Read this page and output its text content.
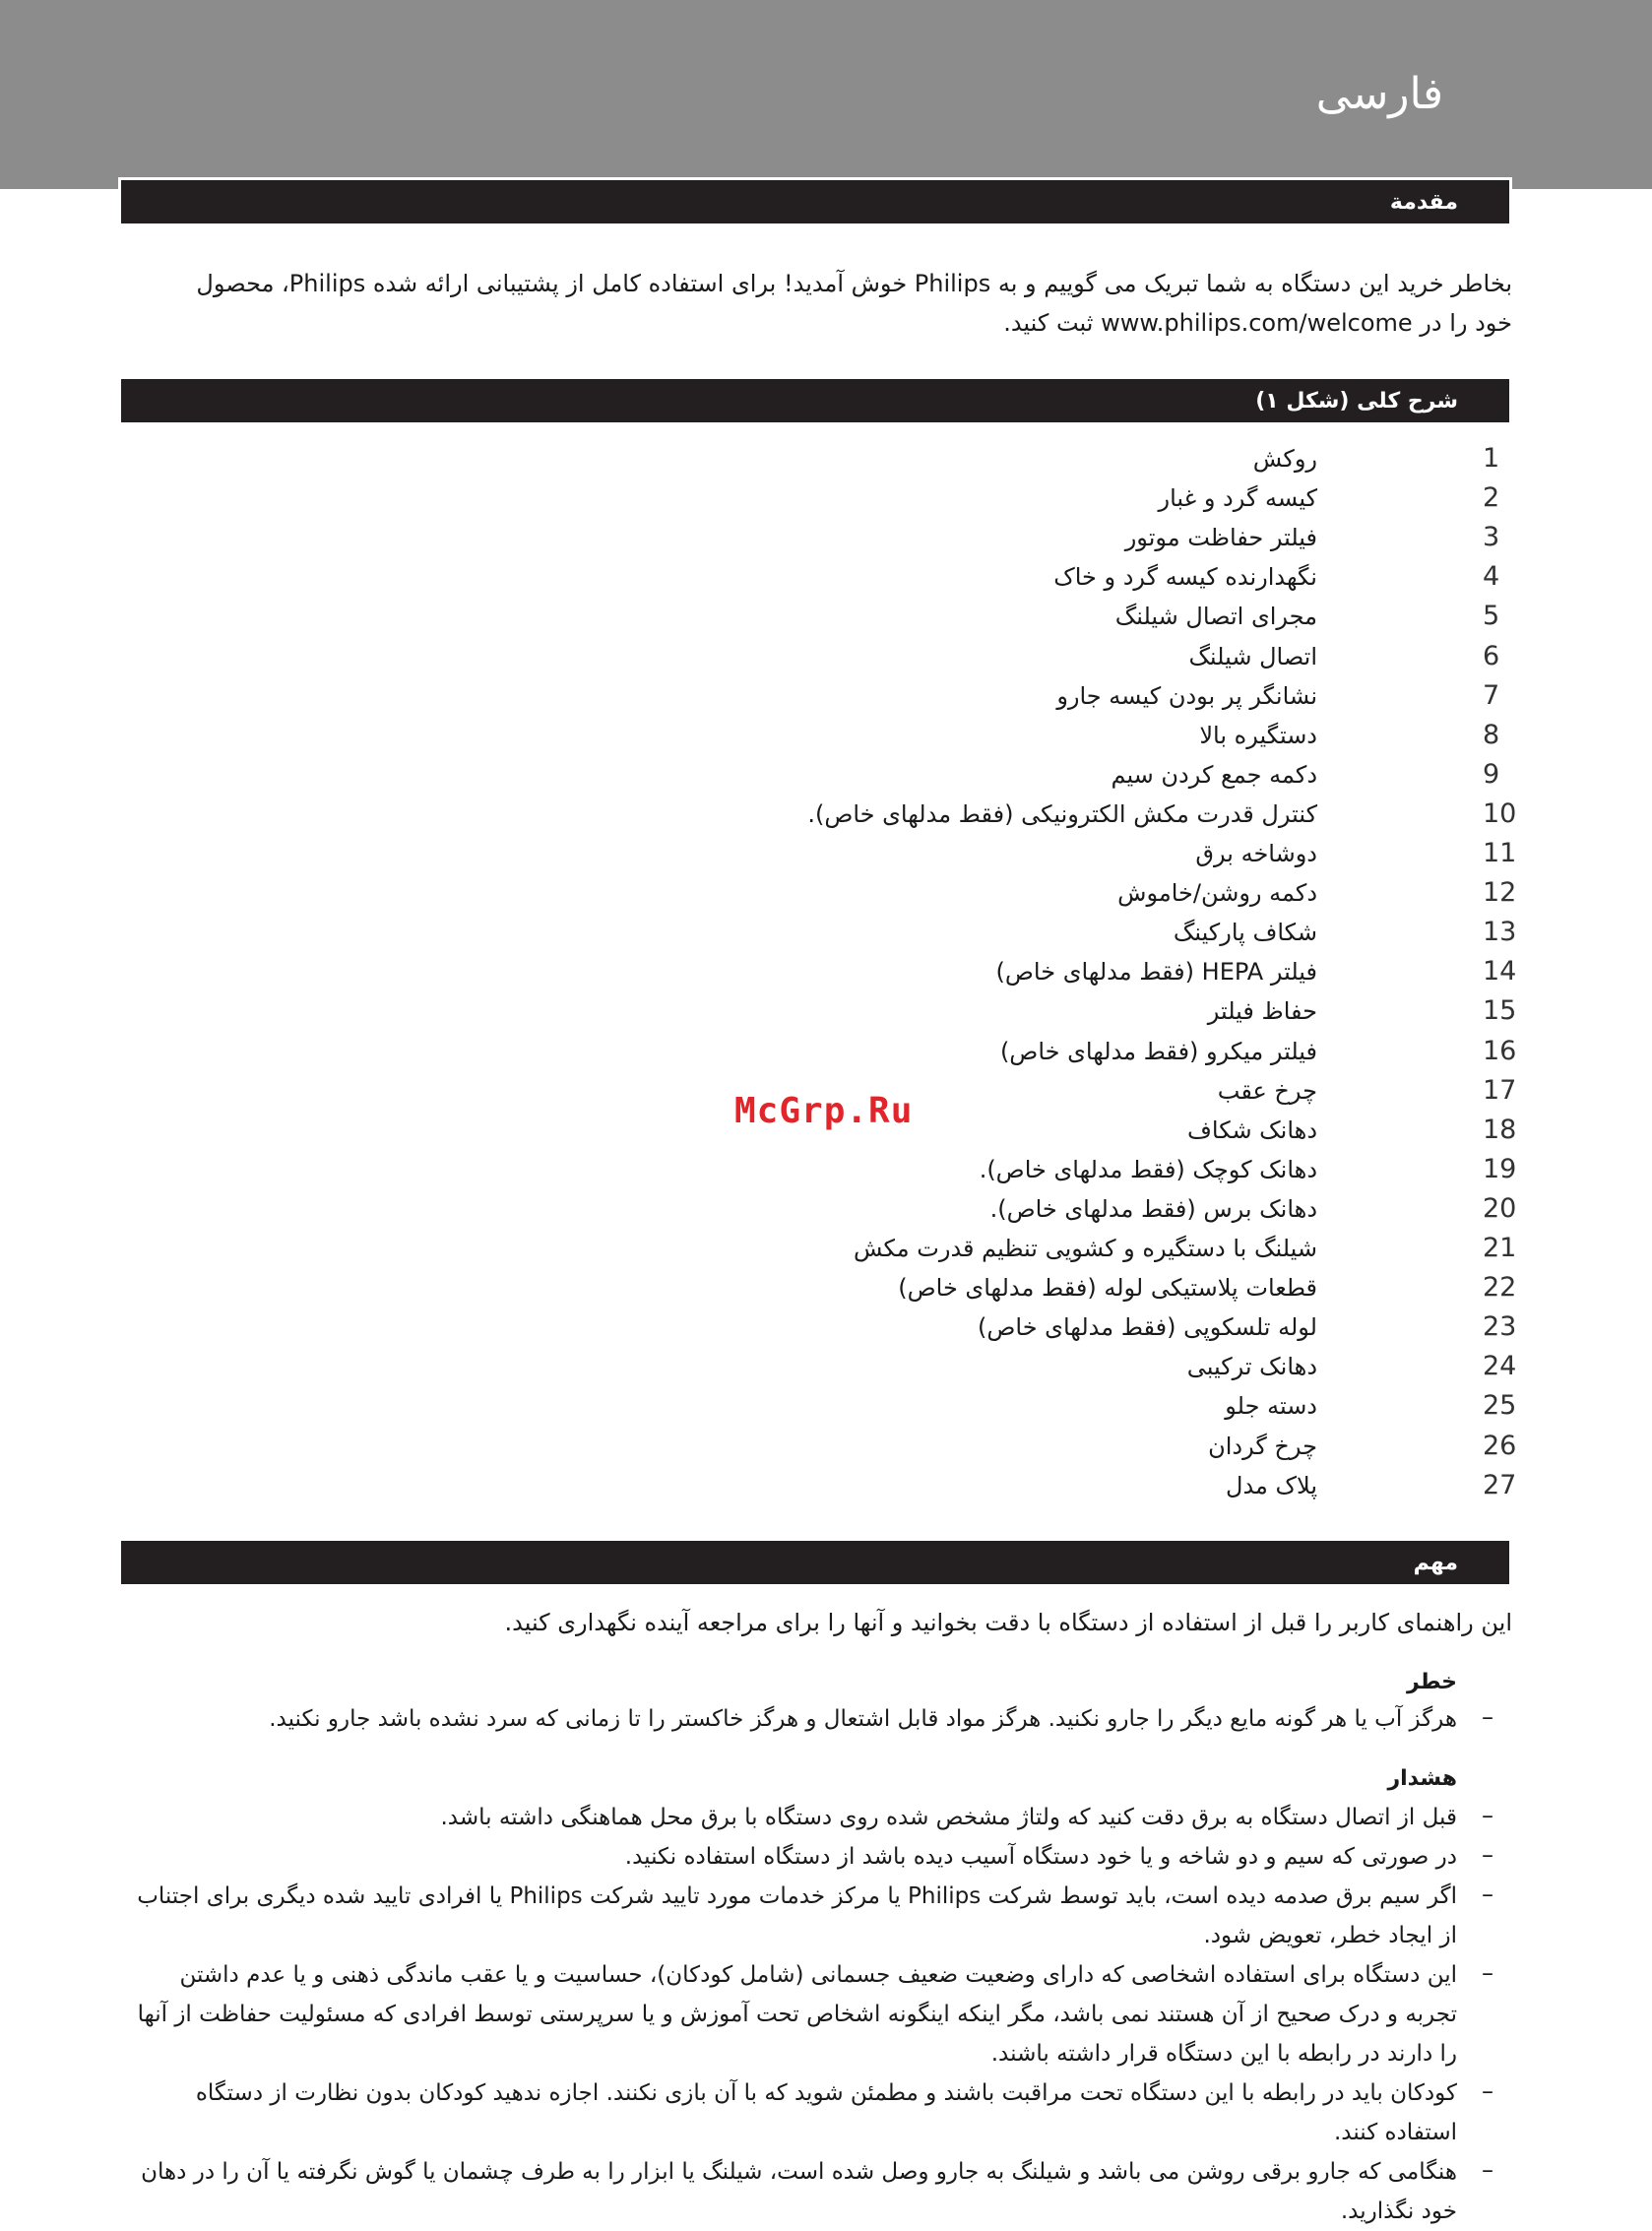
فارسی
مقدمة
بخاطر خرید این دستگاه به شما تبریک می گوییم و به Philips خوش آمدید! برای استفاده کامل از پشتیبانی ارائه شده Philips، محصول
خود را در www.philips.com/welcome ثبت کنید.
شرح کلی (شکل ۱)
1
روکش
2
کیسه گرد و غبار
3
فیلتر حفاظت موتور
4
نگهدارنده کیسه گرد و خاک
5
مجرای اتصال شیلنگ
6
اتصال شیلنگ
7
نشانگر پر بودن کیسه جارو
8
دستگیره بالا
9
دکمه جمع کردن سیم
10
کنترل قدرت مکش الکترونیکی (فقط مدلهای خاص).
11
دوشاخه برق
12
دکمه روشن/خاموش
13
شکاف پارکینگ
14
فیلتر HEPA (فقط مدلهای خاص)
15
حفاظ فیلتر
16
فیلتر میکرو (فقط مدلهای خاص)
17
چرخ عقب
18
دهانک شکاف
19
دهانک کوچک (فقط مدلهای خاص).
20
دهانک برس (فقط مدلهای خاص).
21
شیلنگ با دستگیره و کشویی تنظیم قدرت مکش
22
قطعات پلاستیکی لوله (فقط مدلهای خاص)
23
لوله تلسکوپی (فقط مدلهای خاص)
24
دهانک ترکیبی
25
دسته جلو
26
چرخ گردان
27
پلاک مدل
McGrp.Ru
مهم
این راهنمای کاربر را قبل از استفاده از دستگاه با دقت بخوانید و آنها را برای مراجعه آینده نگهداری کنید.
خطر
–
هرگز آب یا هر گونه مایع دیگر را جارو نکنید. هرگز مواد قابل اشتعال و هرگز خاکستر را تا زمانی که سرد نشده باشد جارو نکنید.
هشدار
–
قبل از اتصال دستگاه به برق دقت کنید که ولتاژ مشخص شده روی دستگاه با برق محل هماهنگی داشته باشد.
–
در صورتی که سیم و دو شاخه و یا خود دستگاه آسیب دیده باشد از دستگاه استفاده نکنید.
–
اگر سیم برق صدمه دیده است، باید توسط شرکت Philips یا مرکز خدمات مورد تایید شرکت Philips یا افرادی تایید شده دیگری برای اجتناب از ایجاد خطر، تعویض شود.
–
این دستگاه برای استفاده اشخاصی که دارای وضعیت ضعیف جسمانی (شامل کودکان)، حساسیت و یا عقب ماندگی ذهنی و یا عدم داشتن تجربه و درک صحیح از آن هستند نمی باشد، مگر اینکه اینگونه اشخاص تحت آموزش و یا سرپرستی توسط افرادی که مسئولیت حفاظت از آنها را دارند در رابطه با این دستگاه قرار داشته باشند.
–
کودکان باید در رابطه با این دستگاه تحت مراقبت باشند و مطمئن شوید که با آن بازی نکنند. اجازه ندهید کودکان بدون نظارت از دستگاه استفاده کنند.
–
هنگامی که جارو برقی روشن می باشد و شیلنگ به جارو وصل شده است، شیلنگ یا ابزار را به طرف چشمان یا گوش نگرفته یا آن را در دهان خود نگذارید.
